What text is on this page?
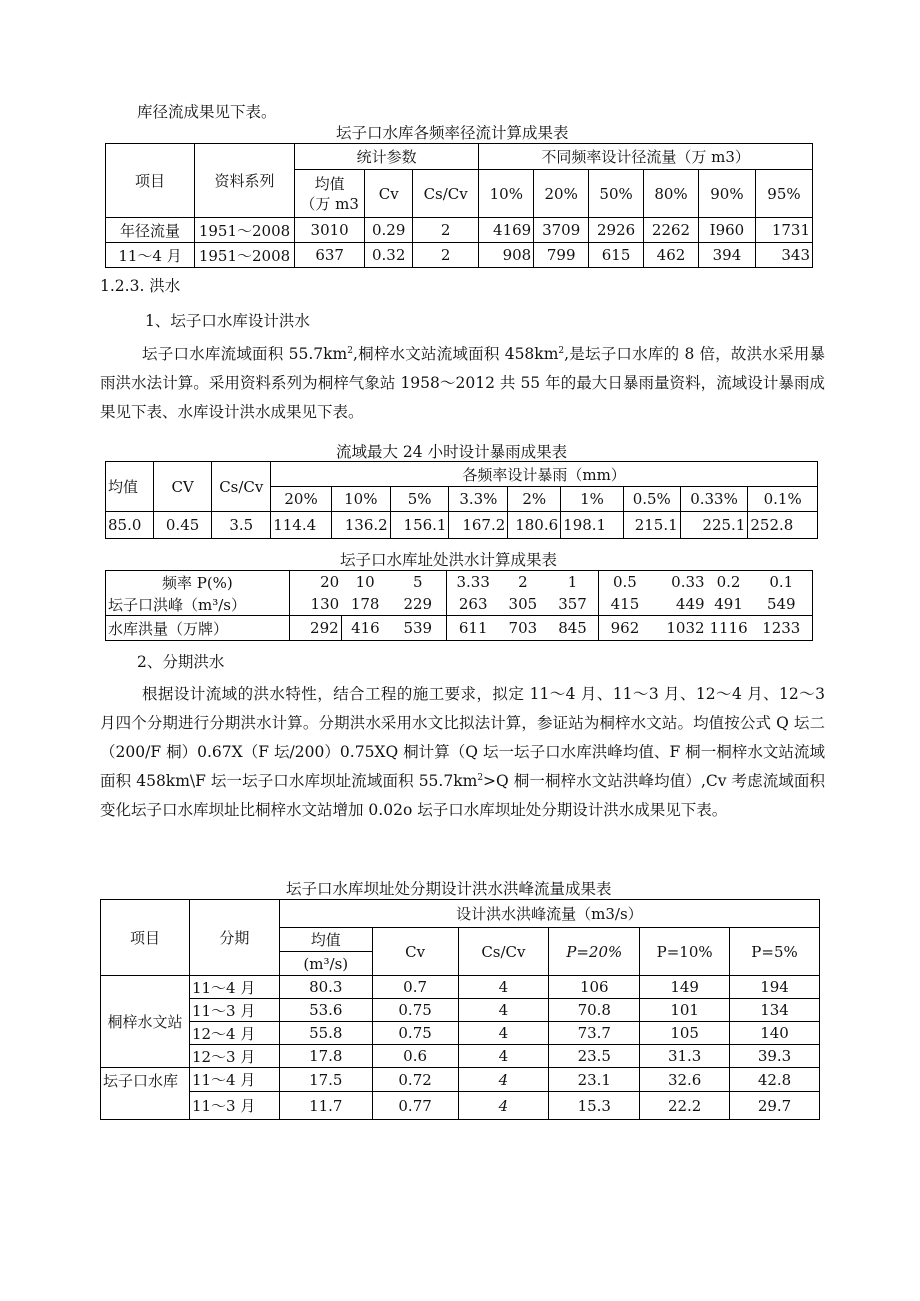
库径流成果见下表。
坛子口水库各频率径流计算成果表
项目	资料系列	统计参数			不同频率设计径流量（万 m3）					
		均值
（万 m3	Cv	Cs/Cv	10%	20%	50%	80%	90%	95%
年径流量	1951～2008	3010	0.29	2	4169	3709	2926	2262	I960	1731
11～4 月	1951～2008	637	0.32	2	908	799	615	462	394	343
1.2.3. 洪水
1、坛子口水库设计洪水
坛子口水库流域面积 $55.7km^2$,桐梓水文站流域面积 $458km^2$,是坛子口水库的 8 倍，故洪水采用暴雨洪水法计算。采用资料系列为桐梓气象站 1958～2012 共 55 年的最大日暴雨量资料，流域设计暴雨成果见下表、水库设计洪水成果见下表。
流域最大 24 小时设计暴雨成果表
均值	CV	Cs/Cv	各频率设计暴雨（mm）								
			20%	10%	5%	3.3%	2%	1%	0.5%	0.33%	0.1%
85.0	0.45	3.5	114.4	136.2	156.1	167.2	180.6	198.1	215.1	225.1	252.8
坛子口水库址处洪水计算成果表
频率 P(%)	20	10	5	3.33	2	1	0.5	0.33	0.2	0.1
坛子口洪峰（m³/s）	130	178	229	263	305	357	415	449	491	549
水库洪量（万牌）	292	416	539	611	703	845	962	1032	1116	1233
2、分期洪水
根据设计流域的洪水特性，结合工程的施工要求，拟定 11～4 月、11～3 月、12～4 月、12～3 月四个分期进行分期洪水计算。分期洪水采用水文比拟法计算，参证站为桐梓水文站。均值按公式 Q 坛二（200/F 桐）0.67X（F 坛/200）0.75XQ 桐计算（Q 坛一坛子口水库洪峰均值、F 桐一桐梓水文站流域面积 458km\F 坛一坛子口水库坝址流域面积 $55.7km^2>Q$ 桐一桐梓水文站洪峰均值）,Cv 考虑流域面积变化坛子口水库坝址比桐梓水文站增加 0.02o 坛子口水库坝址处分期设计洪水成果见下表。
坛子口水库坝址处分期设计洪水洪峰流量成果表
项目	分期	设计洪水洪峰流量（m3/s）					
		均值	Cv	Cs/Cv	P=20%	P=10%	P=5%
		(m³/s)					
桐梓水文站	11～4 月	80.3	0.7	4	106	149	194
	11～3 月	53.6	0.75	4	70.8	101	134
	12～4 月	55.8	0.75	4	73.7	105	140
	12～3 月	17.8	0.6	4	23.5	31.3	39.3
坛子口水库	11～4 月	17.5	0.72	4	23.1	32.6	42.8
	11～3 月	11.7	0.77	4	15.3	22.2	29.7
